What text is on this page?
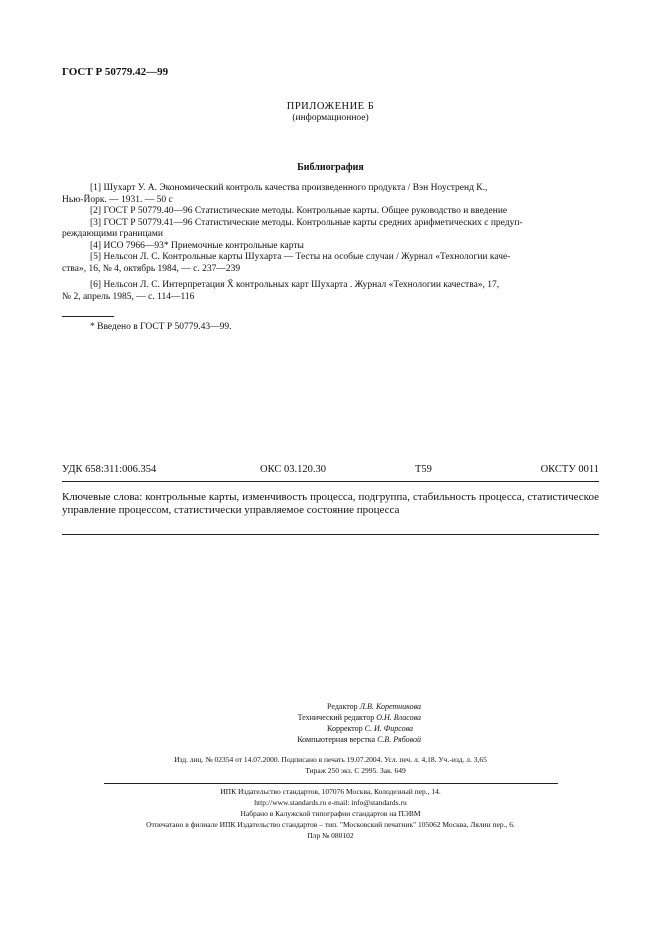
ГОСТ Р 50779.42—99
ПРИЛОЖЕНИЕ Б
(информационное)
Библиография
[1] Шухарт У. А. Экономический контроль качества произведенного продукта / Вэн Ноустренд К.,
Нью-Йорк. — 1931. — 50 с
[2] ГОСТ Р 50779.40—96 Статистические методы. Контрольные карты. Общее руководство и введение
[3] ГОСТ Р 50779.41—96 Статистические методы. Контрольные карты средних арифметических с предуп-
реждающими границами
[4] ИСО 7966—93* Приемочные контрольные карты
[5] Нельсон Л. С. Контрольные карты Шухарта — Тесты на особые случаи / Журнал «Технологии каче-
ства», 16, № 4, октябрь 1984, — с. 237—239
[6] Нельсон Л. С. Интерпретация X̄ контрольных карт Шухарта . Журнал «Технологии качества», 17,
№ 2, апрель 1985, — с. 114—116
* Введено в ГОСТ Р 50779.43—99.
УДК 658:311:006.354	ОКС 03.120.30	Т59	ОКСТУ 0011
Ключевые слова: контрольные карты, изменчивость процесса, подгруппа, стабильность процесса, статистическое управление процессом, статистически управляемое состояние процесса
Редактор Л.В. Коретникова
Технический редактор О.Н. Власова
Корректор С. И. Фирсова
Компьютерная верстка С.В. Рябовой
Изд. лиц. № 02354 от 14.07.2000. Подписано в печать 19.07.2004. Усл. печ. л. 4,18. Уч.-изд. л. 3,65
Тираж 250 экз. С 2995. Зак. 649
ИПК Издательство стандартов, 107076 Москва, Колодезный пер., 14.
http://www.standards.ru e-mail: info@standards.ru
Набрано в Калужской типографии стандартов на ПЭВМ
Отпечатано в филиале ИПК Издательство стандартов – тип. "Московский печатник" 105062 Москва, Лялин пер., 6.
Плр № 080102
